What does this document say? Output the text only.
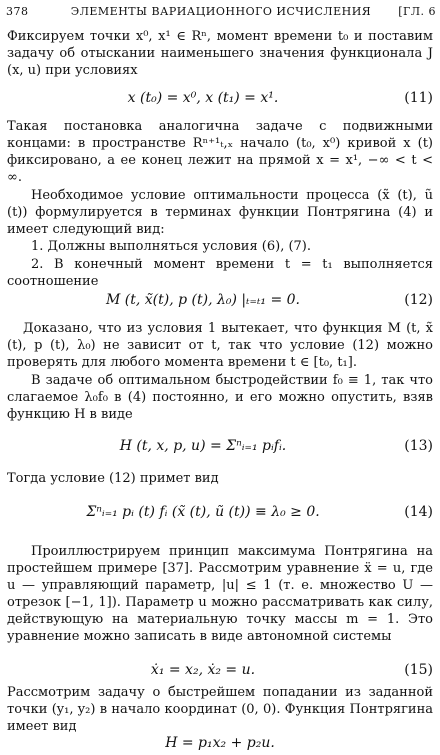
378	ЭЛЕМЕНТЫ ВАРИАЦИОННОГО ИСЧИСЛЕНИЯ	[ГЛ. 6
Фиксируем точки x⁰, x¹ ∈ Rⁿ, момент времени t₀ и поставим задачу об отыскании наименьшего значения функционала J (x, u) при условиях
x (t₀) = x⁰, x (t₁) = x¹.	(11)
Такая постановка аналогична задаче с подвижными концами: в пространстве Rⁿ⁺¹ₜ,ₓ начало (t₀, x⁰) кривой x (t) фиксировано, а ее конец лежит на прямой x = x¹, −∞ < t < ∞.
Необходимое условие оптимальности процесса (x̃ (t), ũ (t)) формулируется в терминах функции Понтрягина (4) и имеет следующий вид:
1. Должны выполняться условия (6), (7).
2. В конечный момент времени t = t₁ выполняется соотношение
M (t, x̃(t), p (t), λ₀) |ₜ₌ₜ₁ = 0.	(12)
Доказано, что из условия 1 вытекает, что функция M (t, x̃ (t), p (t), λ₀) не зависит от t, так что условие (12) можно проверять для любого момента времени t ∈ [t₀, t₁].
В задаче об оптимальном быстродействии f₀ ≡ 1, так что слагаемое λ₀f₀ в (4) постоянно, и его можно опустить, взяв функцию H в виде
H (t, x, p, u) = Σⁿᵢ₌₁ pᵢfᵢ.	(13)
Тогда условие (12) примет вид
Σⁿᵢ₌₁ pᵢ (t) fᵢ (x̃ (t), ũ (t)) ≡ λ₀ ≥ 0.	(14)
Проиллюстрируем принцип максимума Понтрягина на простейшем примере [37]. Рассмотрим уравнение ẍ = u, где u — управляющий параметр, |u| ≤ 1 (т. е. множество U — отрезок [−1, 1]). Параметр u можно рассматривать как силу, действующую на материальную точку массы m = 1. Это уравнение можно записать в виде автономной системы
ẋ₁ = x₂, ẋ₂ = u.	(15)
Рассмотрим задачу о быстрейшем попадании из заданной точки (y₁, y₂) в начало координат (0, 0). Функция Понтрягина имеет вид
H = p₁x₂ + p₂u.
